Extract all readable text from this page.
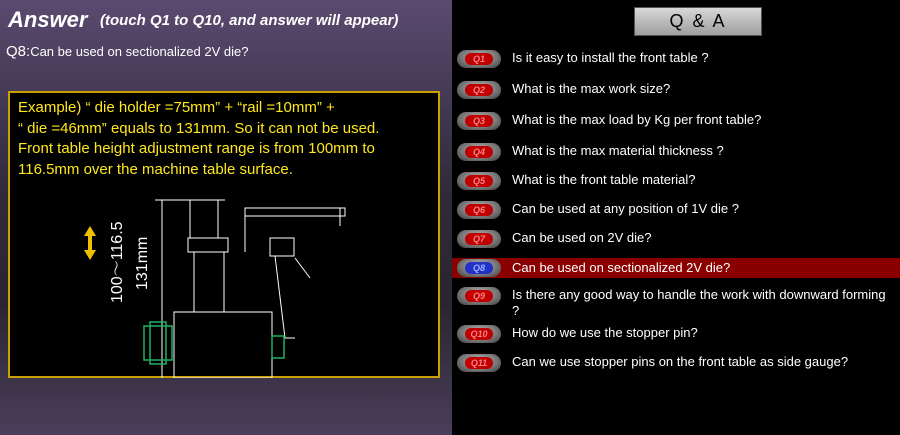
Answer (touch Q1 to Q10, and answer will appear)
Q8:Can be used on sectionalized 2V die?
Example) “ die holder =75mm” + “rail =10mm” +
“ die =46mm” equals to 131mm. So it can not be used.
Front table height adjustment range is from 100mm to
116.5mm over the machine table surface.
100～116.5 131mm
Q & A
Q1	Is it easy to install the front table ?
Q2	What is the max work size?
Q3	What is the max load by Kg per front table?
Q4	What is the max material thickness ?
Q5	What is the front table material?
Q6	Can be used at any position of 1V die ?
Q7	Can be used on 2V die?
Q8	Can be used on sectionalized 2V die?
Q9	Is there any good way to handle the work with downward forming ?
Q10	How do we use the stopper pin?
Q11	Can we use stopper pins on the front table as side gauge?
